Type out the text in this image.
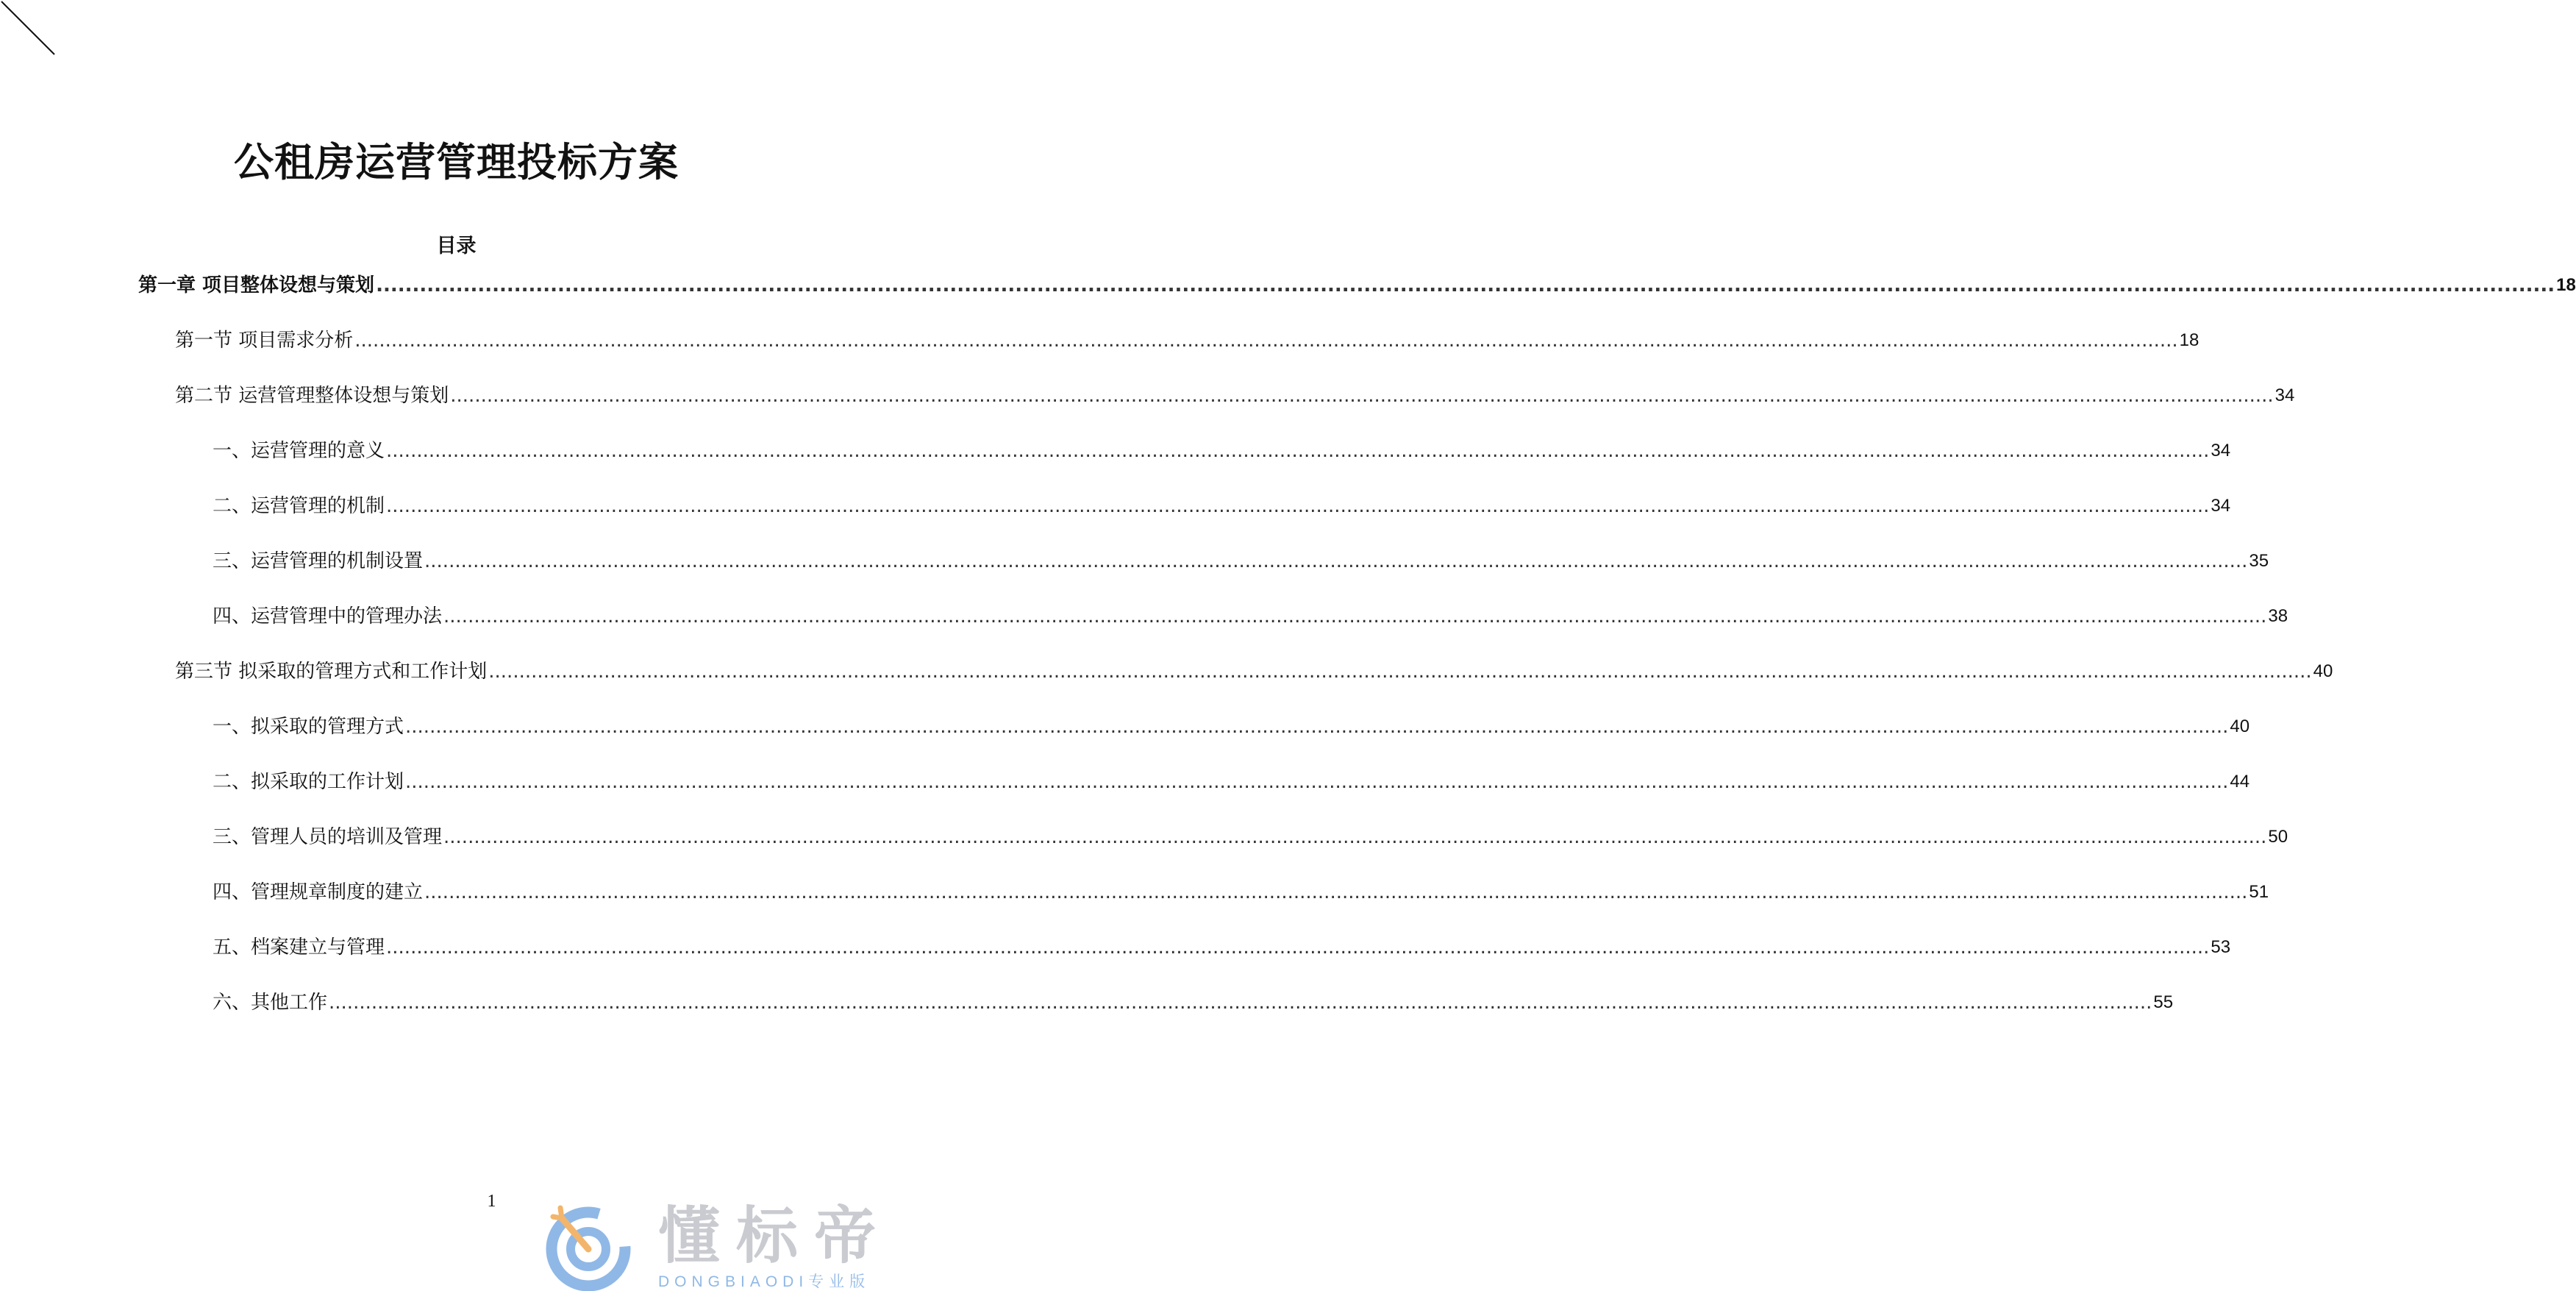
公租房运营管理投标方案
目录
第一章 项目整体设想与策划 ............................................................................................................................................................................................................................................................................................................ 18
第一节 项目需求分析 ............................................................................................................................................................................................................................................................................................................ 18
第二节 运营管理整体设想与策划 ............................................................................................................................................................................................................................................................................................................ 34
一、运营管理的意义 ............................................................................................................................................................................................................................................................................................................ 34
二、运营管理的机制 ............................................................................................................................................................................................................................................................................................................ 34
三、运营管理的机制设置 ............................................................................................................................................................................................................................................................................................................ 35
四、运营管理中的管理办法 ............................................................................................................................................................................................................................................................................................................ 38
第三节 拟采取的管理方式和工作计划 ............................................................................................................................................................................................................................................................................................................ 40
一、拟采取的管理方式 ............................................................................................................................................................................................................................................................................................................ 40
二、拟采取的工作计划 ............................................................................................................................................................................................................................................................................................................ 44
三、管理人员的培训及管理 ............................................................................................................................................................................................................................................................................................................ 50
四、管理规章制度的建立 ............................................................................................................................................................................................................................................................................................................ 51
五、档案建立与管理 ............................................................................................................................................................................................................................................................................................................ 53
六、其他工作 ............................................................................................................................................................................................................................................................................................................ 55
1	懂标帝
DONGBIAODI专业版
